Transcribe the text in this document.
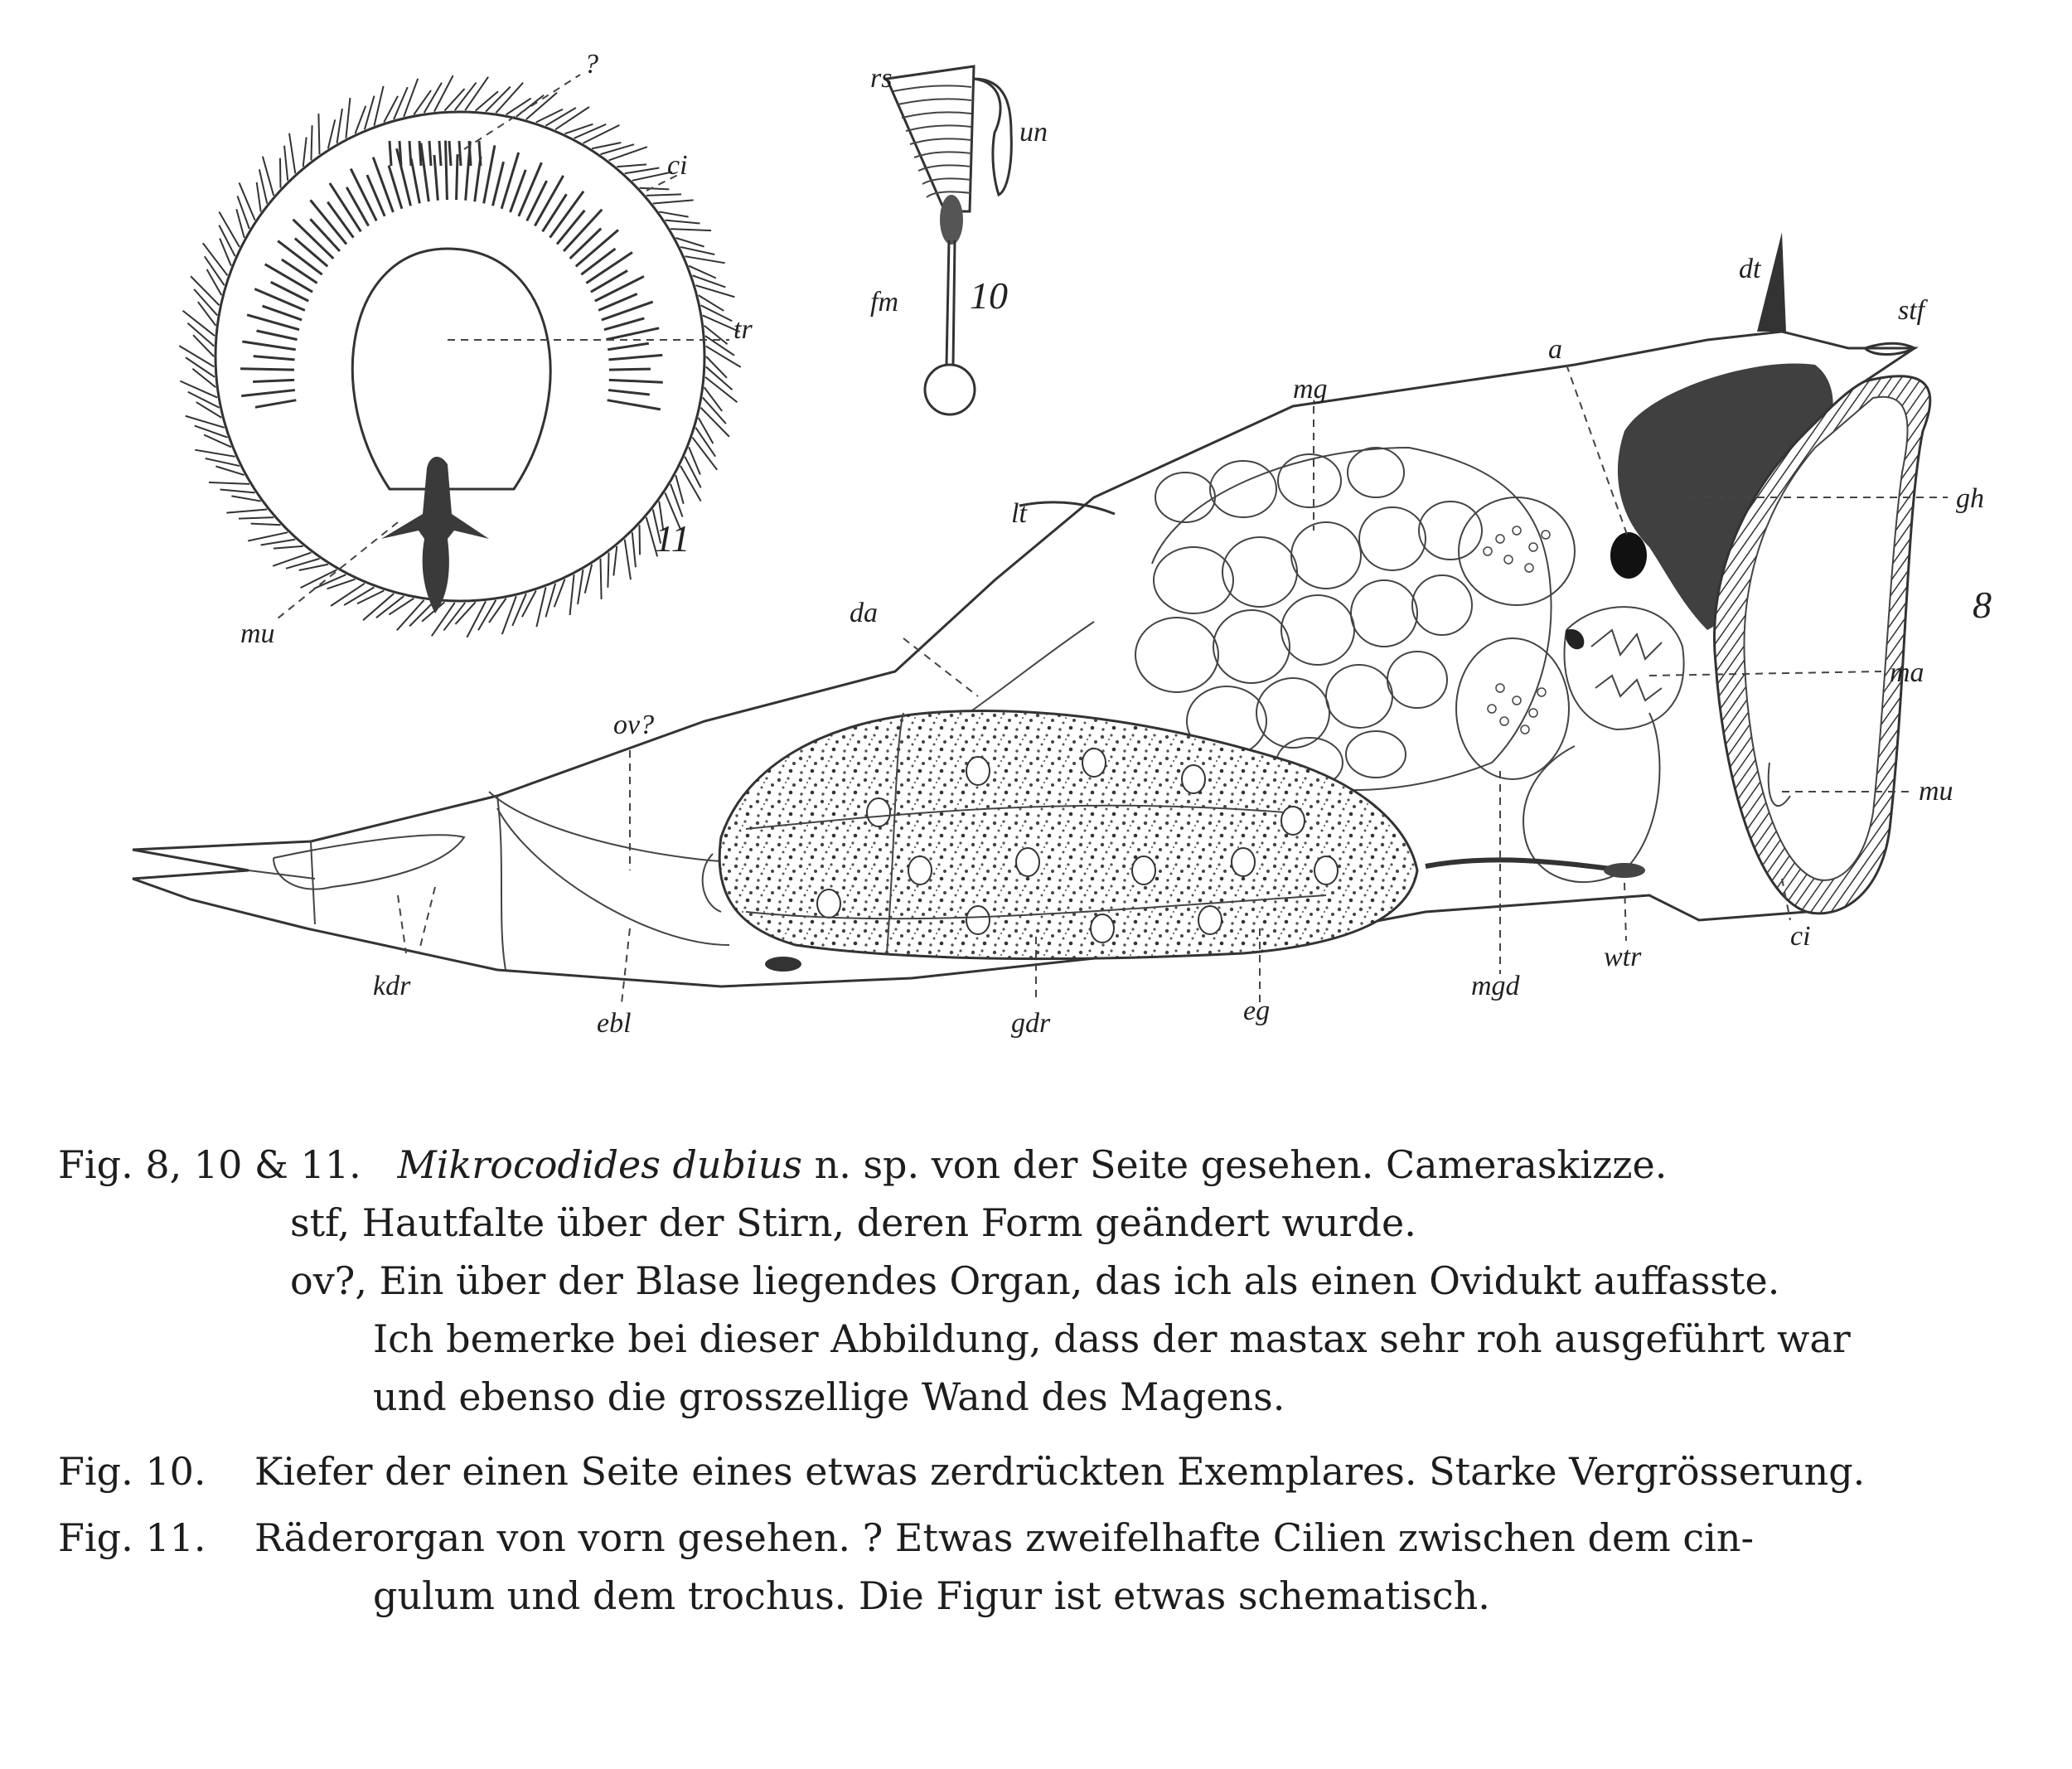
?
ci
tr
mu
11
rs
un
fm 10
dt
stf
a
mg
lt	gh
da
ma
mu
ov?
kdr
ebl	gdr	eg
mgd
wtr
ci
8
Fig. 8, 10 & 11. Mikrocodides dubius n. sp. von der Seite gesehen. Cameraskizze.
stf, Hautfalte über der Stirn, deren Form geändert wurde.
ov?, Ein über der Blase liegendes Organ, das ich als einen Ovidukt auffasste.
Ich bemerke bei dieser Abbildung, dass der mastax sehr roh ausgeführt war
und ebenso die grosszellige Wand des Magens.
Fig. 10. Kiefer der einen Seite eines etwas zerdrückten Exemplares. Starke Vergrösserung.
Fig. 11. Räderorgan von vorn gesehen. ? Etwas zweifelhafte Cilien zwischen dem cin-
gulum und dem trochus. Die Figur ist etwas schematisch.
